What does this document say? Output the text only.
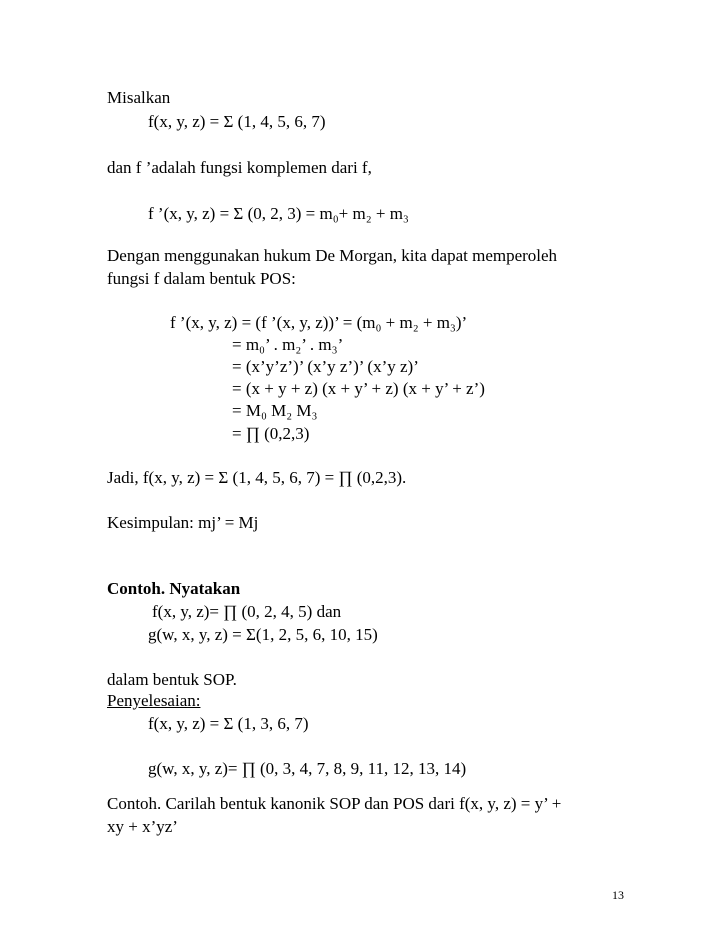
Misalkan
f(x, y, z) = Σ (1, 4, 5, 6, 7)
dan f ’adalah fungsi komplemen dari f,
f ’(x, y, z) = Σ (0, 2, 3) = m₀+ m₂ + m₃
Dengan menggunakan hukum De Morgan, kita dapat memperoleh
fungsi f dalam bentuk POS:
f ’(x, y, z) = (f ’(x, y, z))’ = (m₀ + m₂ + m₃)’
= m₀’ . m₂’ . m₃’
= (x’y’z’)’ (x’y z’)’ (x’y z)’
= (x + y + z) (x + y’ + z) (x + y’ + z’)
= M₀ M₂ M₃
= ∏ (0,2,3)
Jadi, f(x, y, z) = Σ (1, 4, 5, 6, 7) = ∏ (0,2,3).
Kesimpulan: mj’ = Mj
Contoh. Nyatakan
f(x, y, z)= ∏ (0, 2, 4, 5) dan
g(w, x, y, z) = Σ(1, 2, 5, 6, 10, 15)
dalam bentuk SOP.
Penyelesaian:
f(x, y, z) = Σ (1, 3, 6, 7)
g(w, x, y, z)= ∏ (0, 3, 4, 7, 8, 9, 11, 12, 13, 14)
Contoh. Carilah bentuk kanonik SOP dan POS dari f(x, y, z) = y’ +
xy + x’yz’
13
